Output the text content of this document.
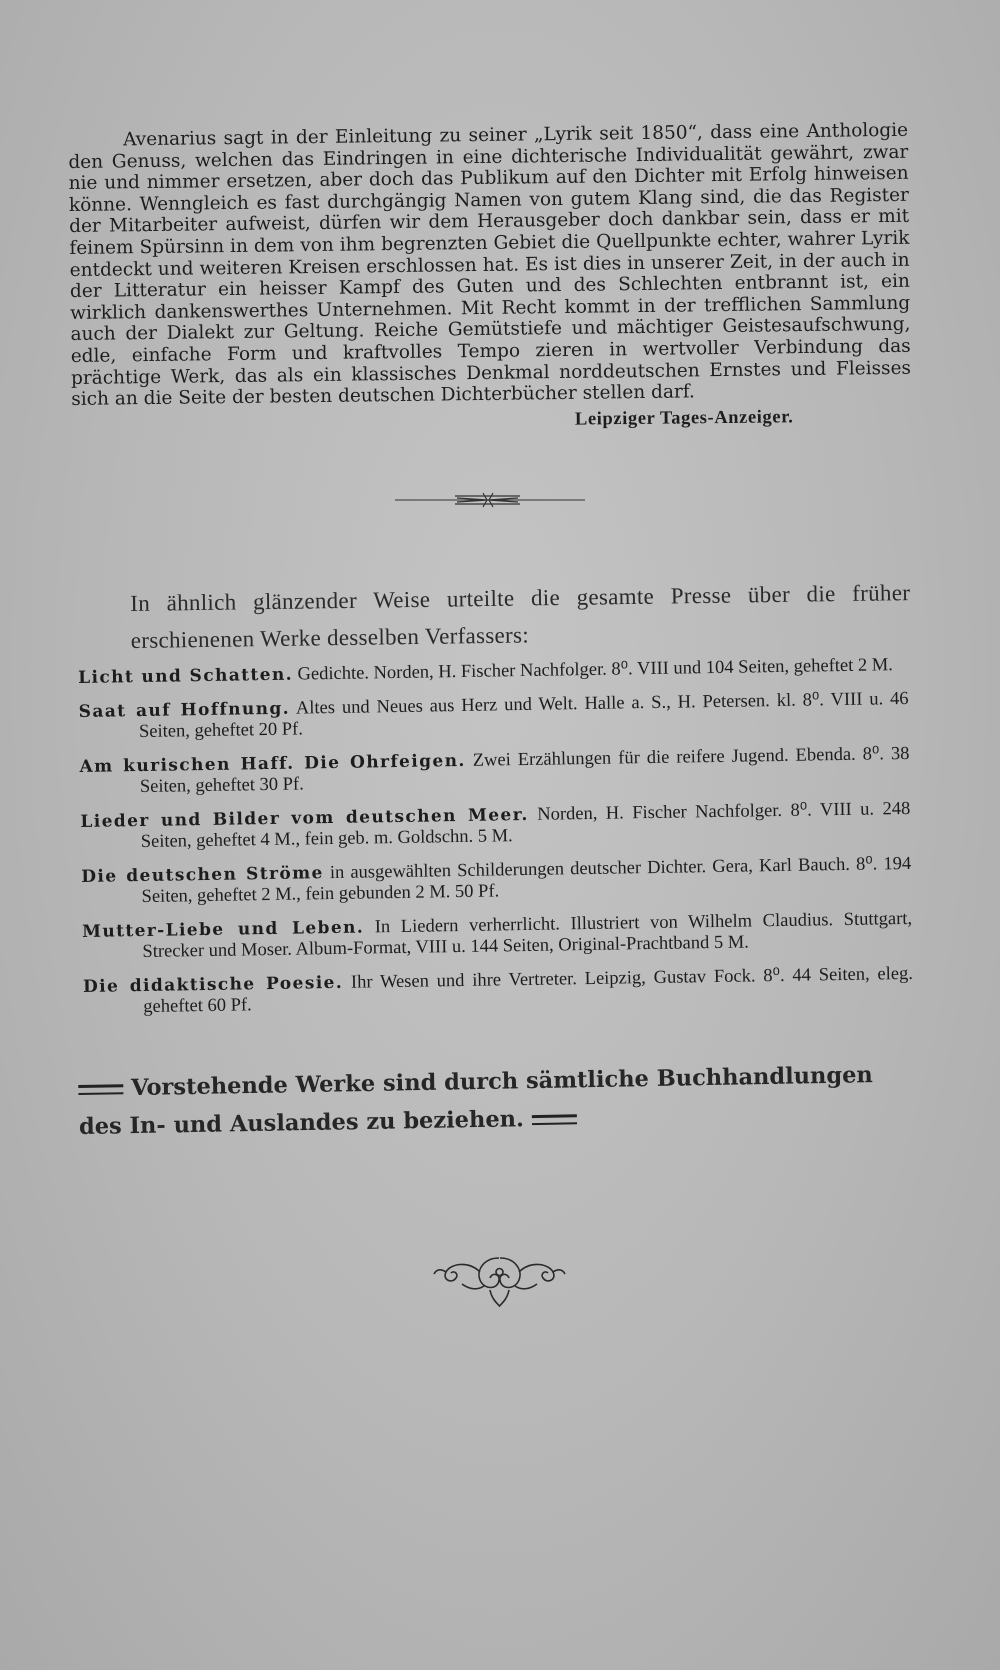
Avenarius sagt in der Einleitung zu seiner „Lyrik seit 1850“, dass eine Anthologie den Genuss, welchen das Eindringen in eine dichterische Individualität gewährt, zwar nie und nimmer ersetzen, aber doch das Publikum auf den Dichter mit Erfolg hinweisen könne. Wenngleich es fast durchgängig Namen von gutem Klang sind, die das Register der Mitarbeiter aufweist, dürfen wir dem Herausgeber doch dankbar sein, dass er mit feinem Spürsinn in dem von ihm begrenzten Gebiet die Quellpunkte echter, wahrer Lyrik entdeckt und weiteren Kreisen erschlossen hat. Es ist dies in unserer Zeit, in der auch in der Litteratur ein heisser Kampf des Guten und des Schlechten entbrannt ist, ein wirklich dankenswerthes Unternehmen. Mit Recht kommt in der trefflichen Sammlung auch der Dialekt zur Geltung. Reiche Gemütstiefe und mächtiger Geistesaufschwung, edle, einfache Form und kraftvolles Tempo zieren in wertvoller Verbindung das prächtige Werk, das als ein klassisches Denkmal norddeutschen Ernstes und Fleisses sich an die Seite der besten deutschen Dichterbücher stellen darf.

Leipziger Tages-Anzeiger.
In ähnlich glänzender Weise urteilte die gesamte Presse über die früher erschienenen Werke desselben Verfassers:

Licht und Schatten. Gedichte. Norden, H. Fischer Nachfolger. 8⁰. VIII und 104 Seiten, geheftet 2 M.

Saat auf Hoffnung. Altes und Neues aus Herz und Welt. Halle a. S., H. Petersen. kl. 8⁰. VIII u. 46 Seiten, geheftet 20 Pf.

Am kurischen Haff. Die Ohrfeigen. Zwei Erzählungen für die reifere Jugend. Ebenda. 8⁰. 38 Seiten, geheftet 30 Pf.

Lieder und Bilder vom deutschen Meer. Norden, H. Fischer Nachfolger. 8⁰. VIII u. 248 Seiten, geheftet 4 M., fein geb. m. Goldschn. 5 M.

Die deutschen Ströme in ausgewählten Schilderungen deutscher Dichter. Gera, Karl Bauch. 8⁰. 194 Seiten, geheftet 2 M., fein gebunden 2 M. 50 Pf.

Mutter-Liebe und Leben. In Liedern verherrlicht. Illustriert von Wilhelm Claudius. Stuttgart, Strecker und Moser. Album-Format, VIII u. 144 Seiten, Original-Prachtband 5 M.

Die didaktische Poesie. Ihr Wesen und ihre Vertreter. Leipzig, Gustav Fock. 8⁰. 44 Seiten, eleg. geheftet 60 Pf.

Vorstehende Werke sind durch sämtliche Buchhandlungen des In- und Auslandes zu beziehen.
